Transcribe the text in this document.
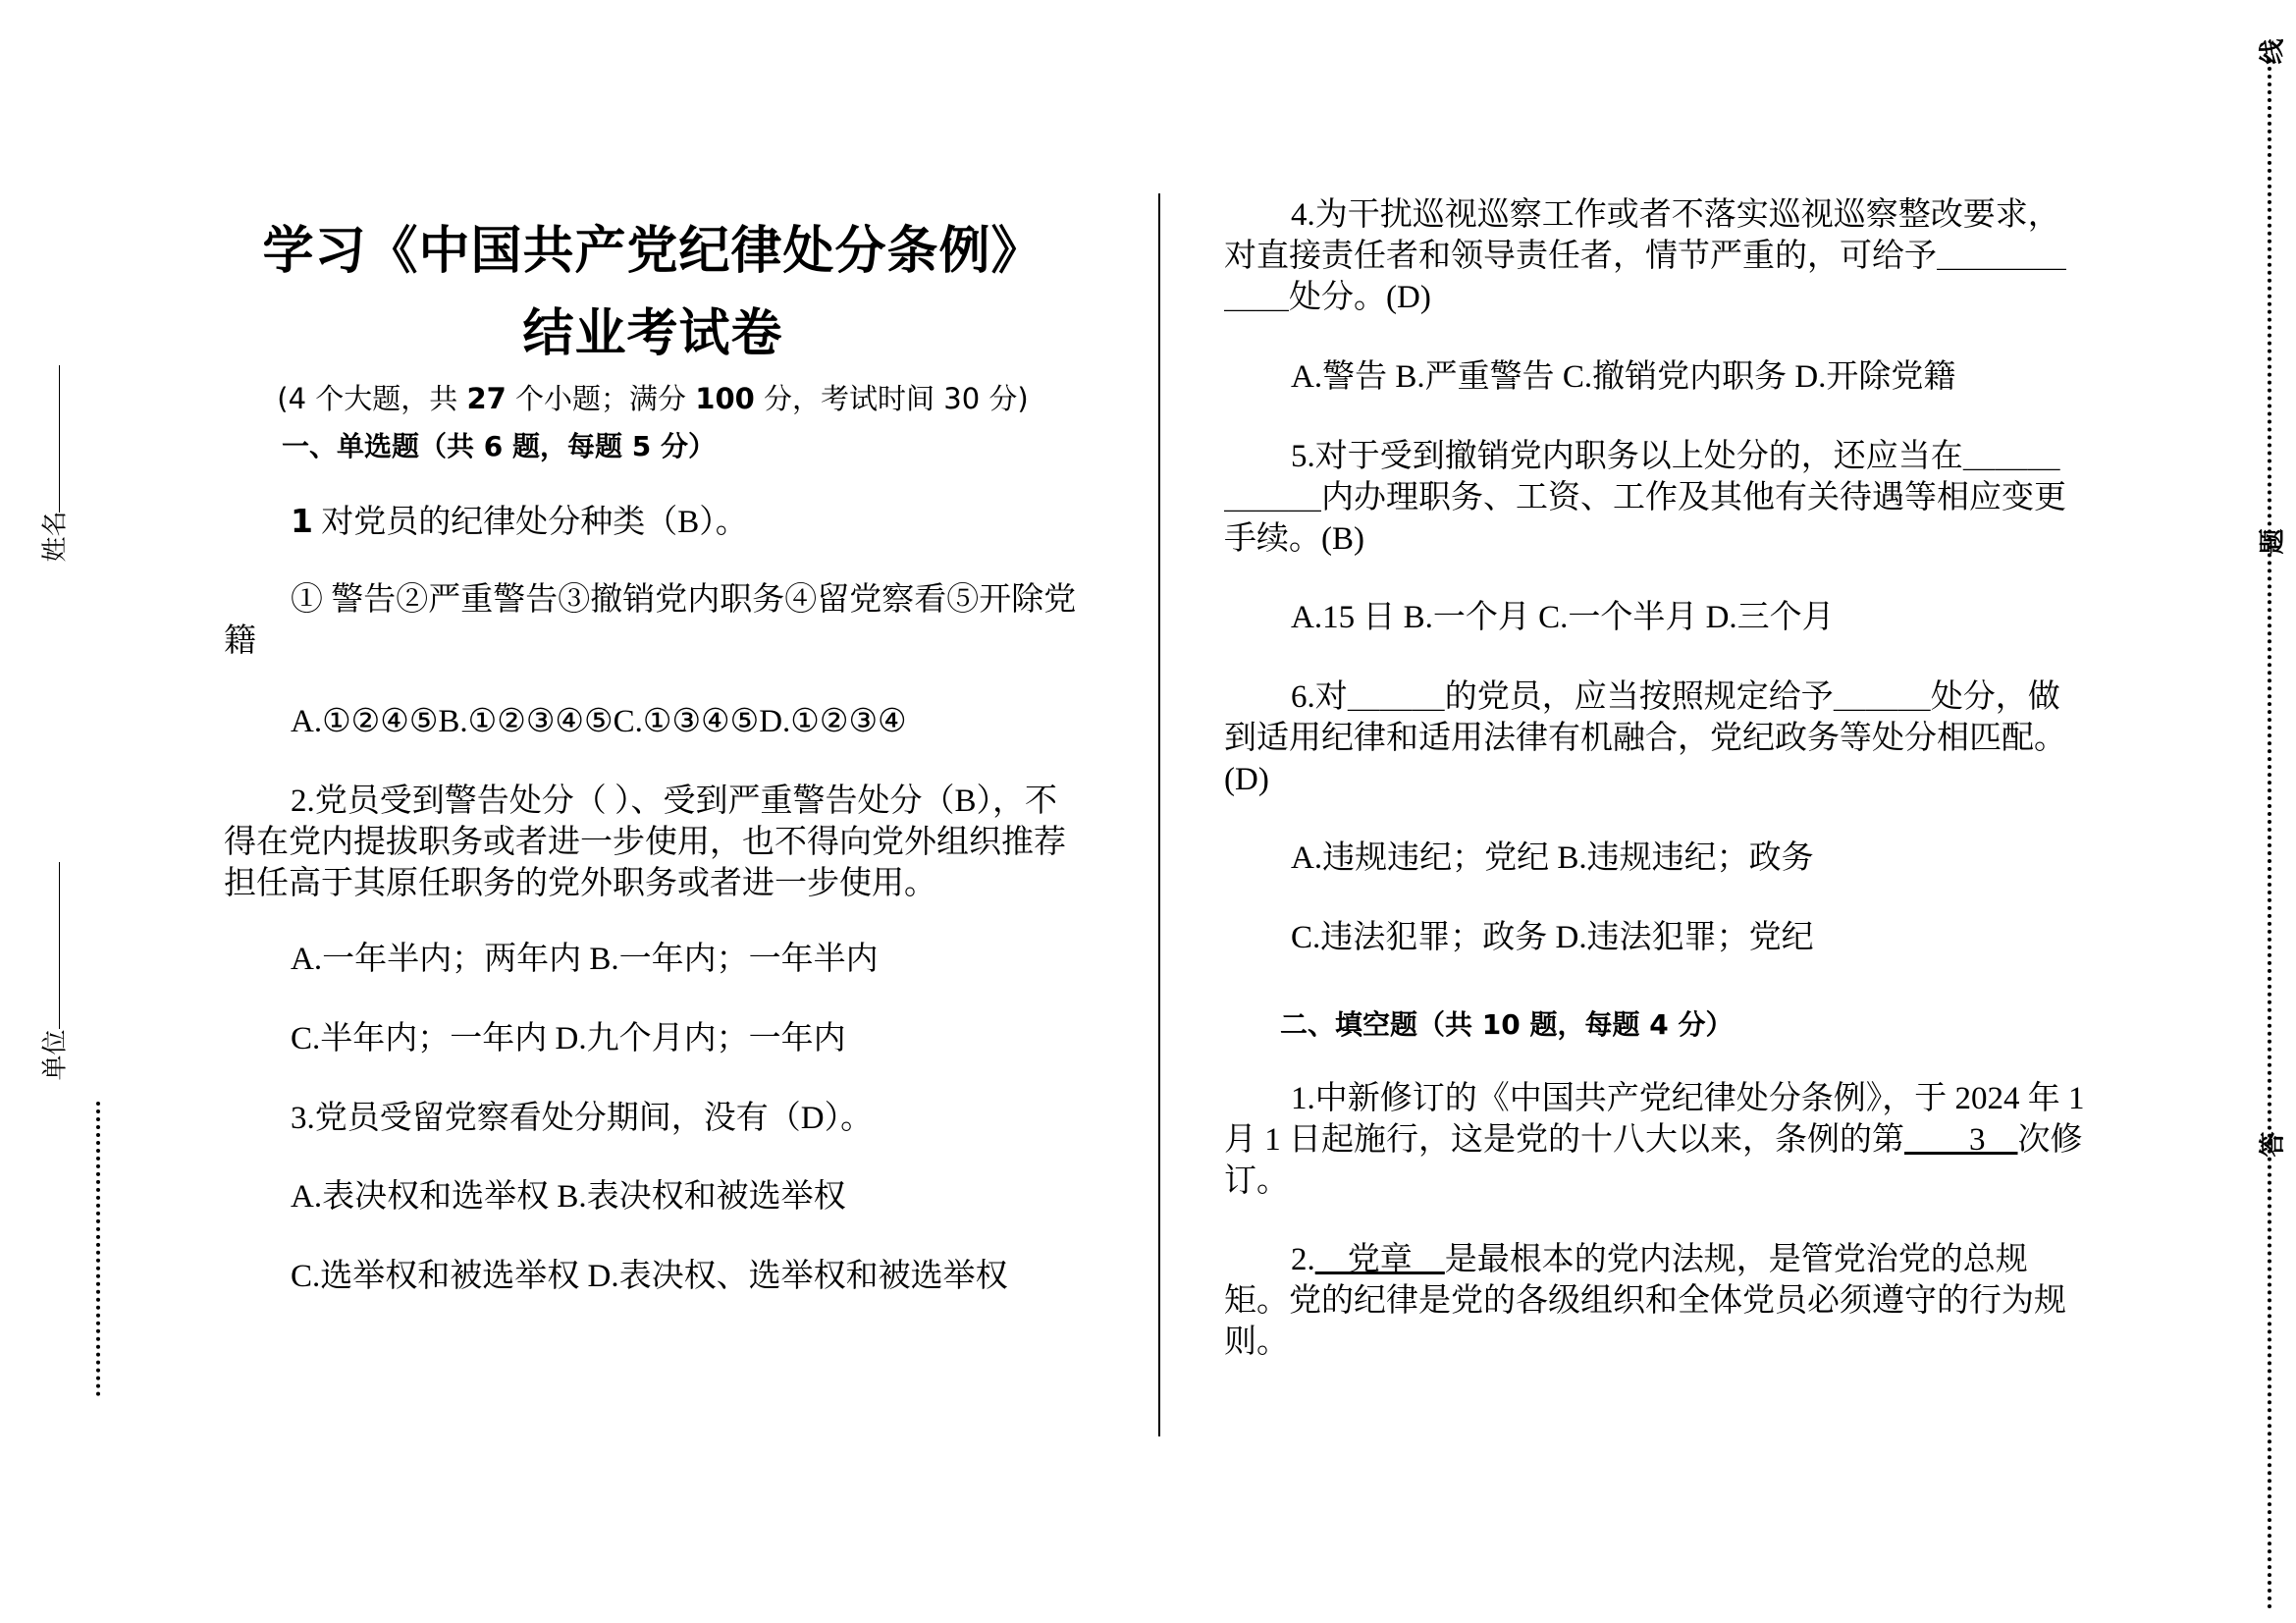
姓名
单位
线
题
答
学习《中国共产党纪律处分条例》
结业考试卷
(4 个大题，共 27 个小题；满分 100 分，考试时间 30 分)
一、单选题（共 6 题，每题 5 分）
1 对党员的纪律处分种类（B）。
① 警告②严重警告③撤销党内职务④留党察看⑤开除党籍
A.①②④⑤B.①②③④⑤C.①③④⑤D.①②③④
2.党员受到警告处分（ ）、受到严重警告处分（B），不得在党内提拔职务或者进一步使用，也不得向党外组织推荐担任高于其原任职务的党外职务或者进一步使用。
A.一年半内；两年内 B.一年内；一年半内
C.半年内；一年内 D.九个月内；一年内
3.党员受留党察看处分期间，没有（D）。
A.表决权和选举权 B.表决权和被选举权
C.选举权和被选举权 D.表决权、选举权和被选举权
4.为干扰巡视巡察工作或者不落实巡视巡察整改要求，对直接责任者和领导责任者，情节严重的，可给予＿＿＿＿＿＿处分。(D)
A.警告 B.严重警告 C.撤销党内职务 D.开除党籍
5.对于受到撤销党内职务以上处分的，还应当在＿＿＿＿＿＿内办理职务、工资、工作及其他有关待遇等相应变更手续。(B)
A.15 日 B.一个月 C.一个半月 D.三个月
6.对＿＿＿的党员，应当按照规定给予＿＿＿处分，做到适用纪律和适用法律有机融合，党纪政务等处分相匹配。(D)
A.违规违纪；党纪 B.违规违纪；政务
C.违法犯罪；政务 D.违法犯罪；党纪
二、填空题（共 10 题，每题 4 分）
1.中新修订的《中国共产党纪律处分条例》，于 2024 年 1 月 1 日起施行，这是党的十八大以来，条例的第＿＿3＿次修订。
2.＿党章＿是最根本的党内法规，是管党治党的总规矩。党的纪律是党的各级组织和全体党员必须遵守的行为规则。
